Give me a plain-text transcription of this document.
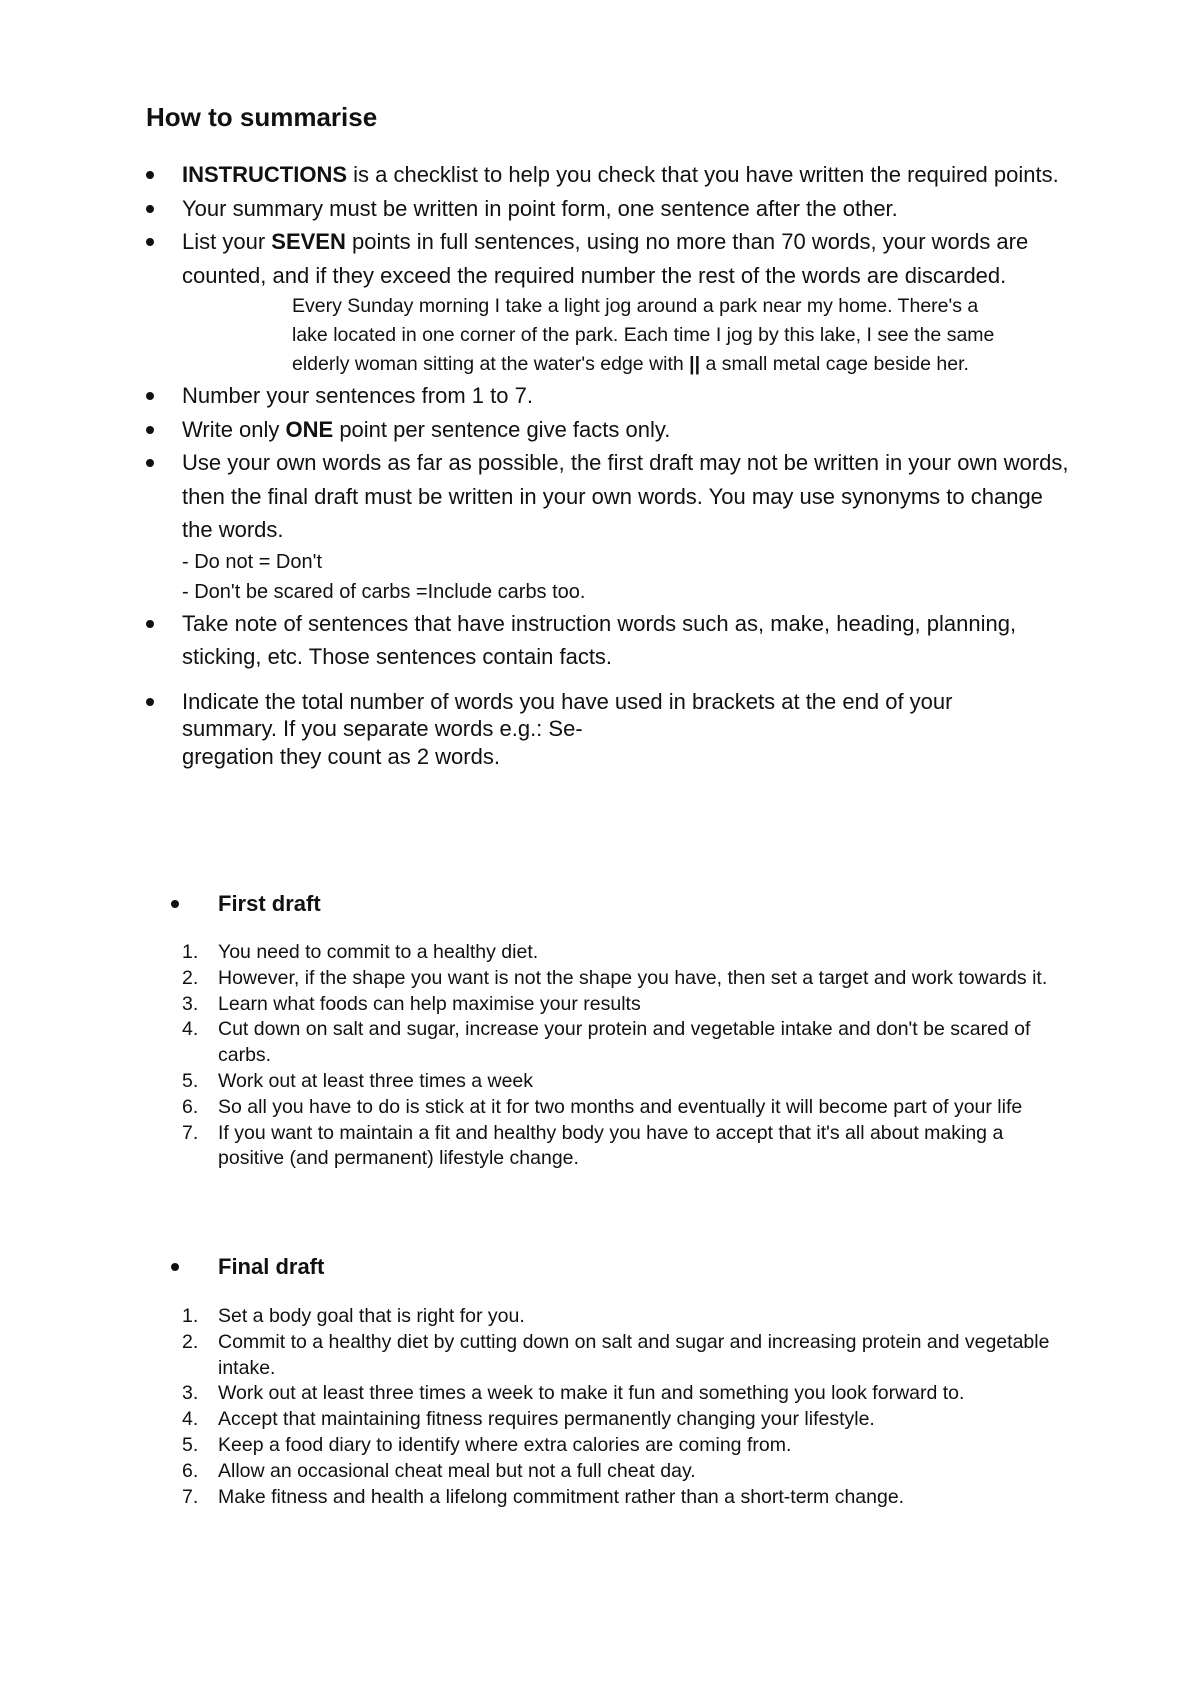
How to summarise
INSTRUCTIONS is a checklist to help you check that you have written the required points.
Your summary must be written in point form, one sentence after the other.
List your SEVEN points in full sentences, using no more than 70 words, your words are counted, and if they exceed the required number the rest of the words are discarded.
Every Sunday morning I take a light jog around a park near my home. There's a
lake located in one corner of the park. Each time I jog by this lake, I see the same
elderly woman sitting at the water's edge with || a small metal cage beside her.
Number your sentences from 1 to 7.
Write only ONE point per sentence give facts only.
Use your own words as far as possible, the first draft may not be written in your own words, then the final draft must be written in your own words. You may use synonyms to change the words.
- Do not = Don't
- Don't be scared of carbs =Include carbs too.
Take note of sentences that have instruction words such as, make, heading, planning, sticking, etc. Those sentences contain facts.
Indicate the total number of words you have used in brackets at the end of your summary. If you separate words e.g.: Se-
gregation they count as 2 words.
First draft
1. You need to commit to a healthy diet.
2. However, if the shape you want is not the shape you have, then set a target and work towards it.
3. Learn what foods can help maximise your results
4. Cut down on salt and sugar, increase your protein and vegetable intake and don't be scared of carbs.
5. Work out at least three times a week
6. So all you have to do is stick at it for two months and eventually it will become part of your life
7. If you want to maintain a fit and healthy body you have to accept that it's all about making a positive (and permanent) lifestyle change.
Final draft
1. Set a body goal that is right for you.
2. Commit to a healthy diet by cutting down on salt and sugar and increasing protein and vegetable intake.
3. Work out at least three times a week to make it fun and something you look forward to.
4. Accept that maintaining fitness requires permanently changing your lifestyle.
5. Keep a food diary to identify where extra calories are coming from.
6. Allow an occasional cheat meal but not a full cheat day.
7. Make fitness and health a lifelong commitment rather than a short-term change.
